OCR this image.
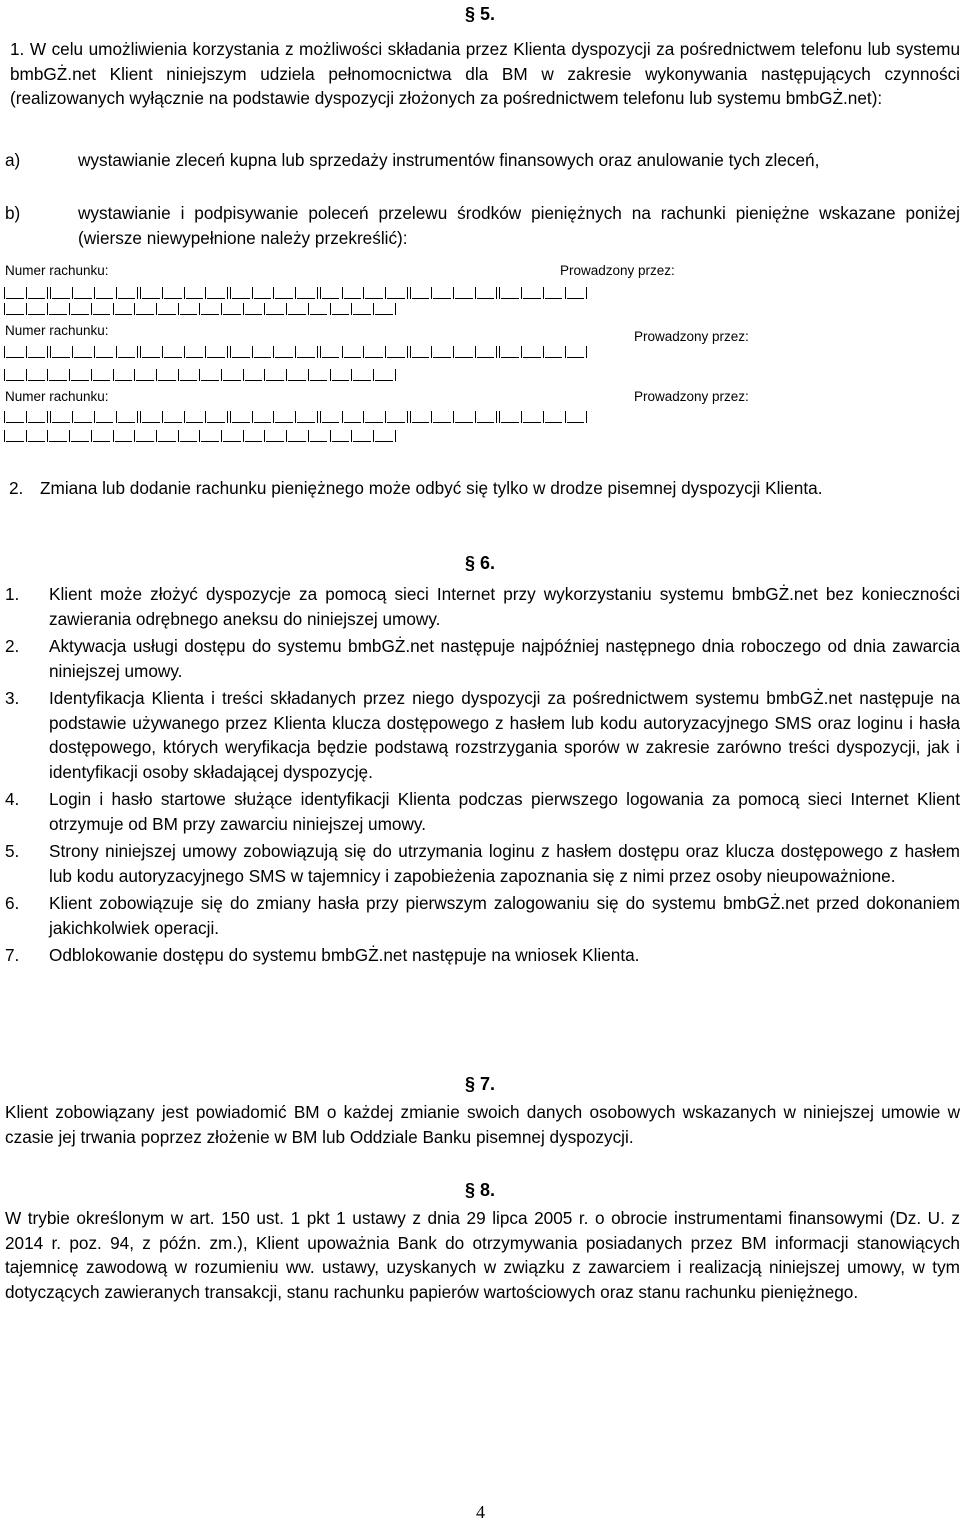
§ 5.
1. W celu umożliwienia korzystania z możliwości składania przez Klienta dyspozycji za pośrednictwem telefonu lub systemu bmbGŻ.net Klient niniejszym udziela pełnomocnictwa dla BM w zakresie wykonywania następujących czynności (realizowanych wyłącznie na podstawie dyspozycji złożonych za pośrednictwem telefonu lub systemu bmbGŻ.net):
a)	wystawianie zleceń kupna lub sprzedaży instrumentów finansowych oraz anulowanie tych zleceń,
b)	wystawianie i podpisywanie poleceń przelewu środków pieniężnych na rachunki pieniężne wskazane poniżej (wiersze niewypełnione należy przekreślić):
Numer rachunku:	Prowadzony przez:
Numer rachunku:	Prowadzony przez:
Numer rachunku:	Prowadzony przez:
2. Zmiana lub dodanie rachunku pieniężnego może odbyć się tylko w drodze pisemnej dyspozycji Klienta.
§ 6.
1. Klient może złożyć dyspozycje za pomocą sieci Internet przy wykorzystaniu systemu bmbGŻ.net bez konieczności zawierania odrębnego aneksu do niniejszej umowy.
2. Aktywacja usługi dostępu do systemu bmbGŻ.net następuje najpóźniej następnego dnia roboczego od dnia zawarcia niniejszej umowy.
3. Identyfikacja Klienta i treści składanych przez niego dyspozycji za pośrednictwem systemu bmbGŻ.net następuje na podstawie używanego przez Klienta klucza dostępowego z hasłem lub kodu autoryzacyjnego SMS oraz loginu i hasła dostępowego, których weryfikacja będzie podstawą rozstrzygania sporów w zakresie zarówno treści dyspozycji, jak i identyfikacji osoby składającej dyspozycję.
4. Login i hasło startowe służące identyfikacji Klienta podczas pierwszego logowania za pomocą sieci Internet Klient otrzymuje od BM przy zawarciu niniejszej umowy.
5. Strony niniejszej umowy zobowiązują się do utrzymania loginu z hasłem dostępu oraz klucza dostępowego z hasłem lub kodu autoryzacyjnego SMS w tajemnicy i zapobieżenia zapoznania się z nimi przez osoby nieupoważnione.
6. Klient zobowiązuje się do zmiany hasła przy pierwszym zalogowaniu się do systemu bmbGŻ.net przed dokonaniem jakichkolwiek operacji.
7. Odblokowanie dostępu do systemu bmbGŻ.net następuje na wniosek Klienta.
§ 7.
Klient zobowiązany jest powiadomić BM o każdej zmianie swoich danych osobowych wskazanych w niniejszej umowie w czasie jej trwania poprzez złożenie w BM lub Oddziale Banku pisemnej dyspozycji.
§ 8.
W trybie określonym w art. 150 ust. 1 pkt 1 ustawy z dnia 29 lipca 2005 r. o obrocie instrumentami finansowymi (Dz. U. z 2014 r. poz. 94, z późn. zm.), Klient upoważnia Bank do otrzymywania posiadanych przez BM informacji stanowiących tajemnicę zawodową w rozumieniu ww. ustawy, uzyskanych w związku z zawarciem i realizacją niniejszej umowy, w tym dotyczących zawieranych transakcji, stanu rachunku papierów wartościowych oraz stanu rachunku pieniężnego.
4
